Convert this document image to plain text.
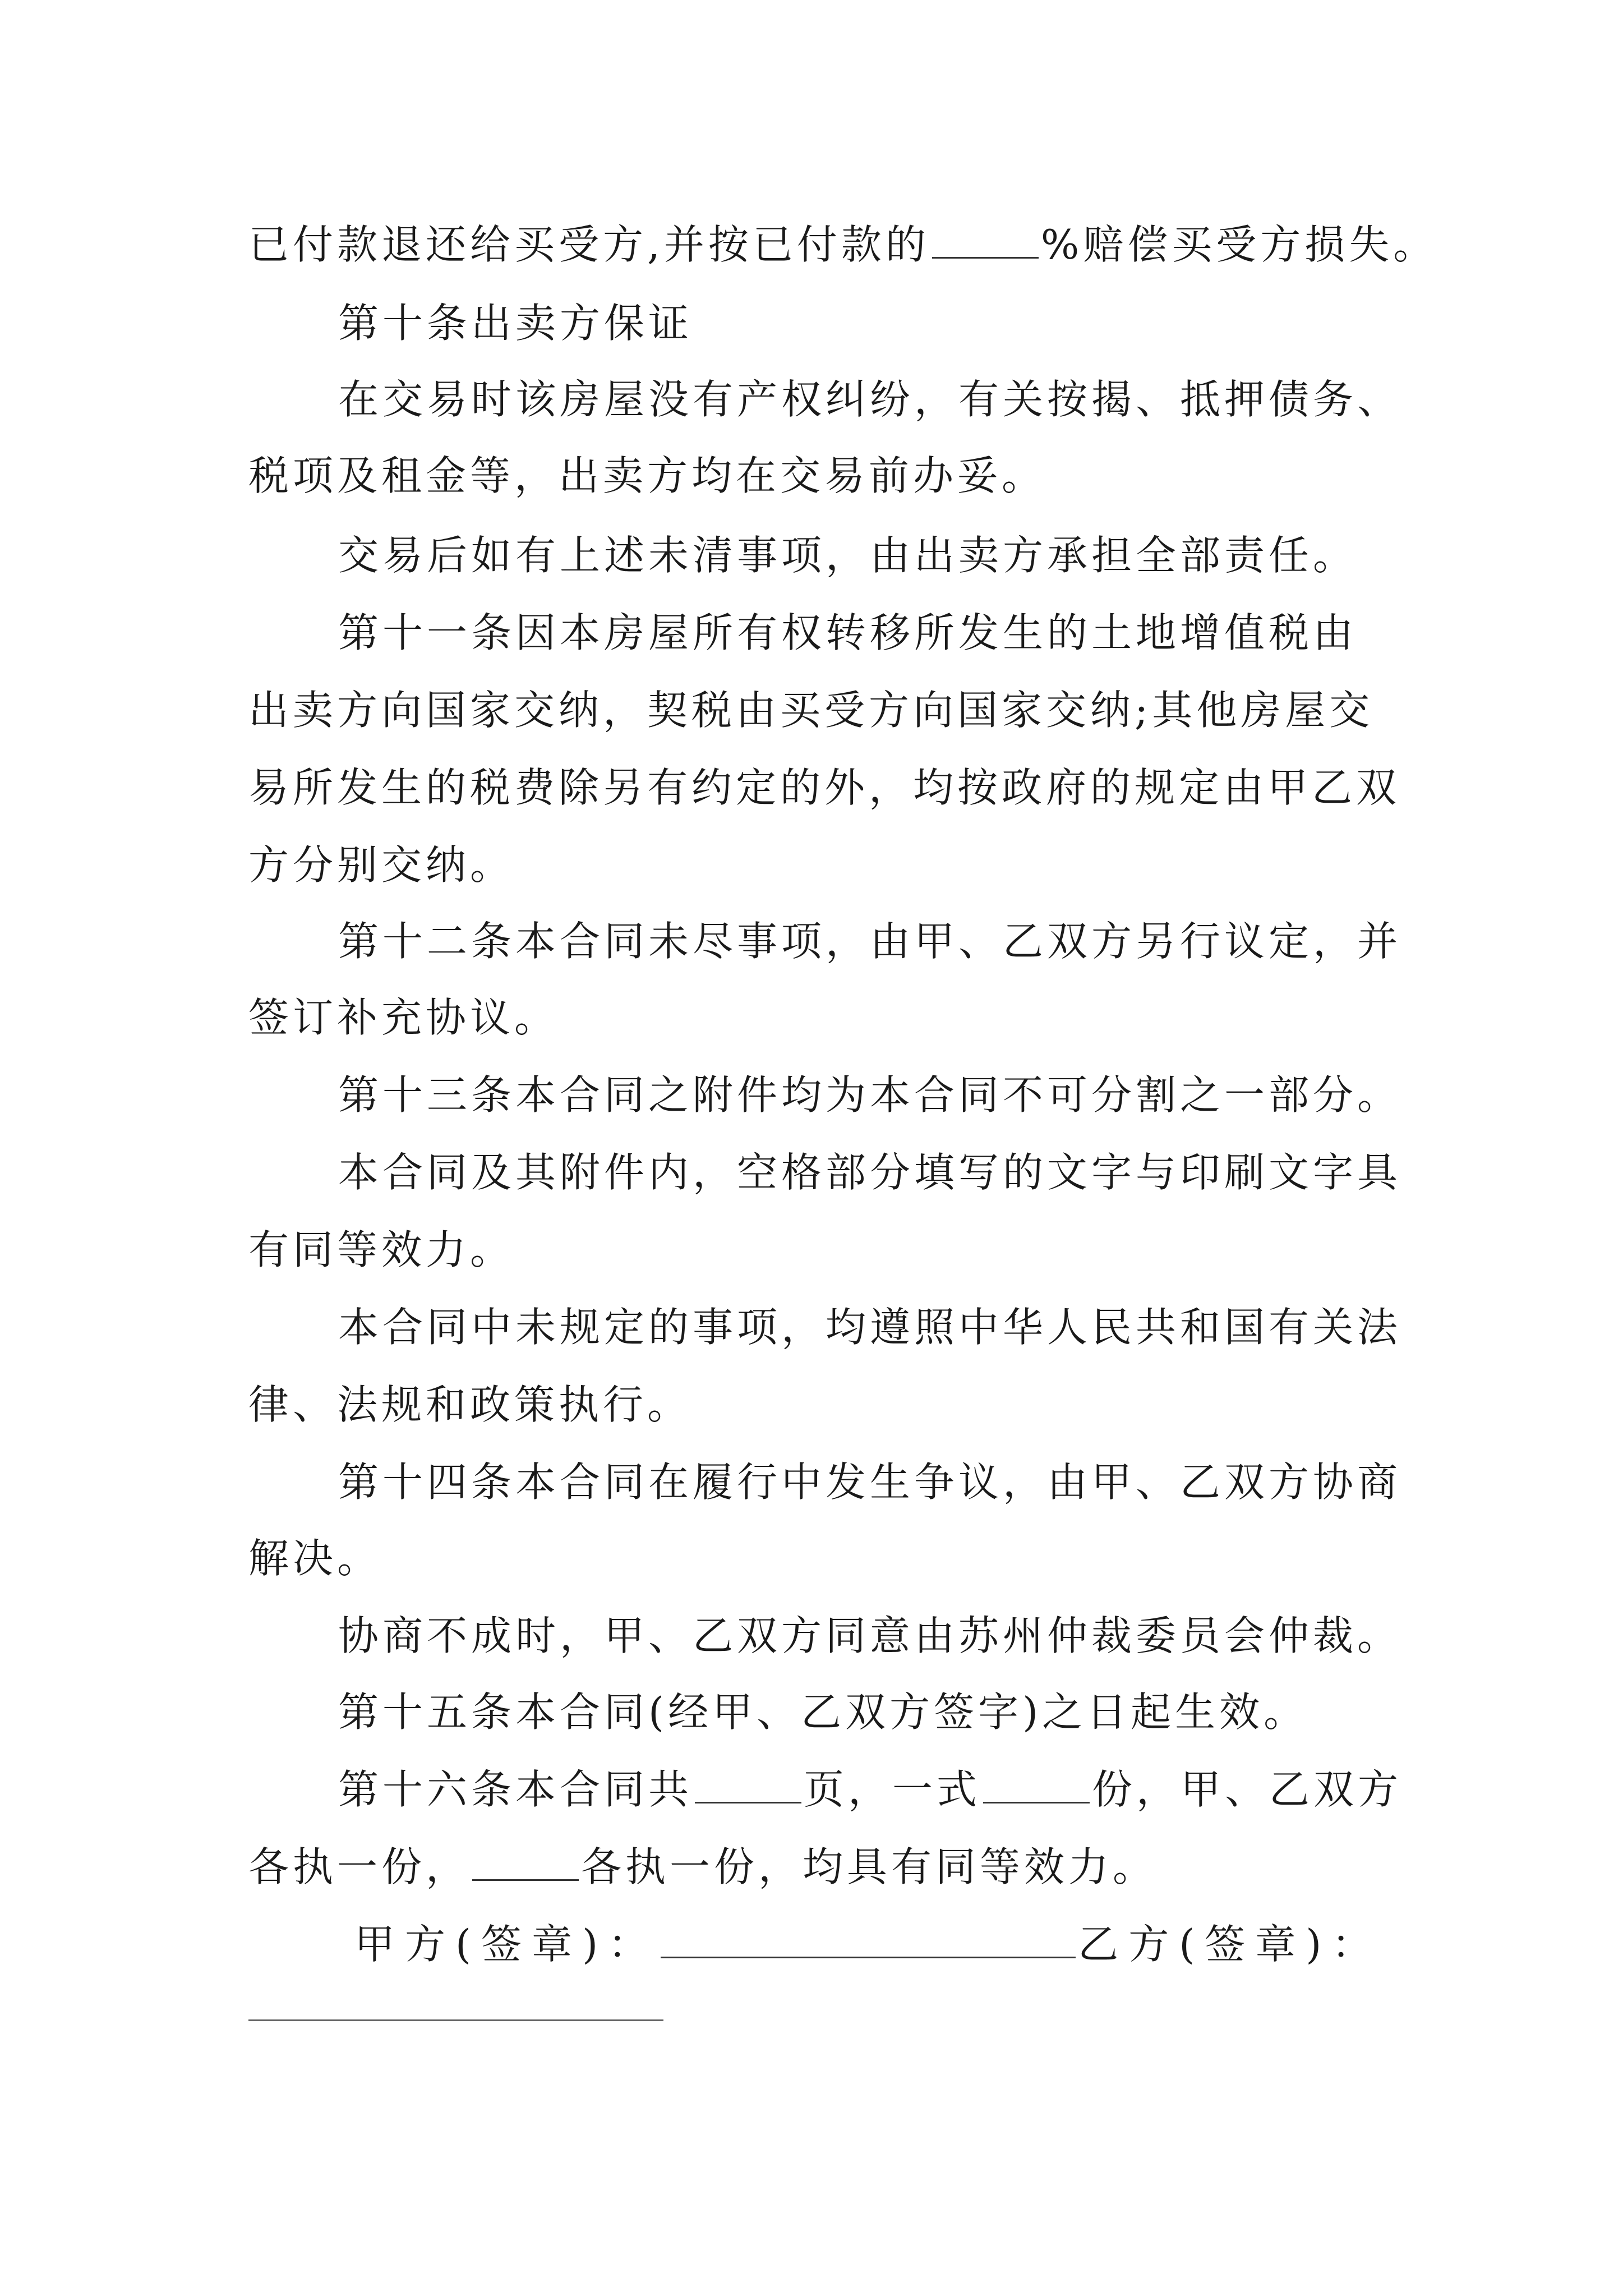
已付款退还给买受方,并按已付款的	%赔偿买受方损失。
第十条出卖方保证
在交易时该房屋没有产权纠纷，有关按揭、抵押债务、
税项及租金等，出卖方均在交易前办妥。
交易后如有上述未清事项，由出卖方承担全部责任。
第十一条因本房屋所有权转移所发生的土地增值税由
出卖方向国家交纳，契税由买受方向国家交纳;其他房屋交
易所发生的税费除另有约定的外，均按政府的规定由甲乙双
方分别交纳。
第十二条本合同未尽事项，由甲、乙双方另行议定，并
签订补充协议。
第十三条本合同之附件均为本合同不可分割之一部分。
本合同及其附件内，空格部分填写的文字与印刷文字具
有同等效力。
本合同中未规定的事项，均遵照中华人民共和国有关法
律、法规和政策执行。
第十四条本合同在履行中发生争议，由甲、乙双方协商
解决。
协商不成时，甲、乙双方同意由苏州仲裁委员会仲裁。
第十五条本合同(经甲、乙双方签字)之日起生效。
第十六条本合同共	页，一式	份，甲、乙双方
各执一份，	各执一份，均具有同等效力。
甲方(签章)：	乙方(签章)：
